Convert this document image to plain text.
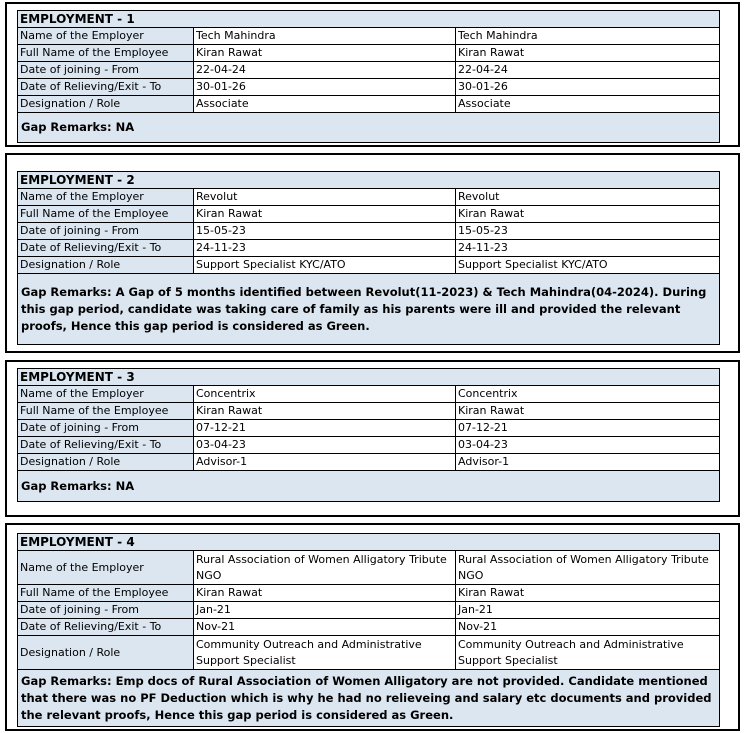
EMPLOYMENT - 1		
Name of the Employer	Tech Mahindra	Tech Mahindra
Full Name of the Employee	Kiran Rawat	Kiran Rawat
Date of joining - From	22-04-24	22-04-24
Date of Relieving/Exit - To	30-01-26	30-01-26
Designation / Role	Associate	Associate
Gap Remarks: NA		
EMPLOYMENT - 2		
Name of the Employer	Revolut	Revolut
Full Name of the Employee	Kiran Rawat	Kiran Rawat
Date of joining - From	15-05-23	15-05-23
Date of Relieving/Exit - To	24-11-23	24-11-23
Designation / Role	Support Specialist KYC/ATO	Support Specialist KYC/ATO
Gap Remarks: A Gap of 5 months identified between Revolut(11-2023) & Tech Mahindra(04-2024). During this gap period, candidate was taking care of family as his parents were ill and provided the relevant proofs, Hence this gap period is considered as Green.		
EMPLOYMENT - 3		
Name of the Employer	Concentrix	Concentrix
Full Name of the Employee	Kiran Rawat	Kiran Rawat
Date of joining - From	07-12-21	07-12-21
Date of Relieving/Exit - To	03-04-23	03-04-23
Designation / Role	Advisor-1	Advisor-1
Gap Remarks: NA		
EMPLOYMENT - 4		
Name of the Employer	Rural Association of Women Alligatory Tribute NGO	Rural Association of Women Alligatory Tribute NGO
Full Name of the Employee	Kiran Rawat	Kiran Rawat
Date of joining - From	Jan-21	Jan-21
Date of Relieving/Exit - To	Nov-21	Nov-21
Designation / Role	Community Outreach and Administrative Support Specialist	Community Outreach and Administrative Support Specialist
Gap Remarks: Emp docs of Rural Association of Women Alligatory are not provided. Candidate mentioned that there was no PF Deduction which is why he had no relieveing and salary etc documents and provided the relevant proofs, Hence this gap period is considered as Green.		
